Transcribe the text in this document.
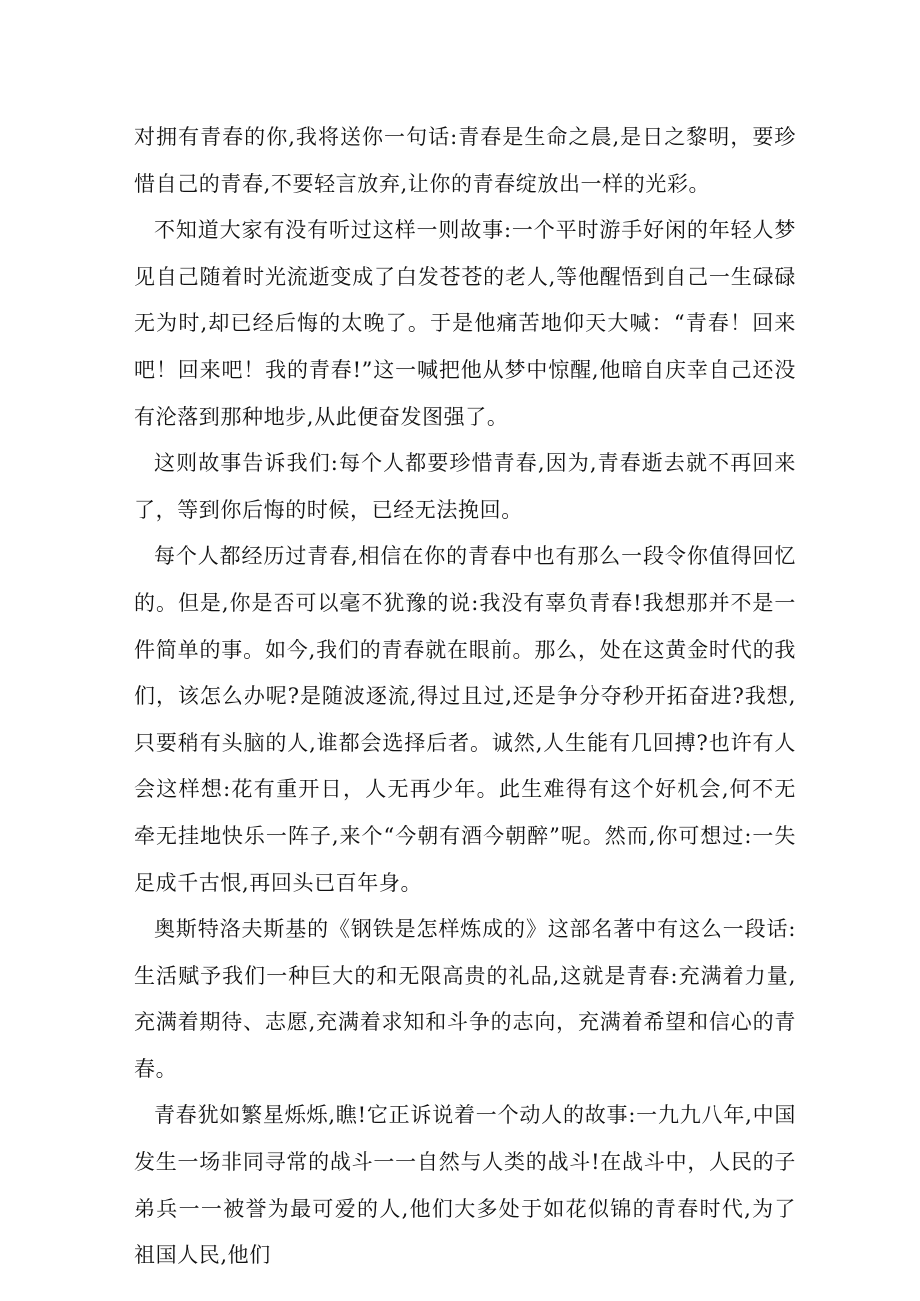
对拥有青春的你,我将送你一句话:青春是生命之晨,是日之黎明，要珍惜自己的青春,不要轻言放弃,让你的青春绽放出一样的光彩。

不知道大家有没有听过这样一则故事:一个平时游手好闲的年轻人梦见自己随着时光流逝变成了白发苍苍的老人,等他醒悟到自己一生碌碌无为时,却已经后悔的太晚了。于是他痛苦地仰天大喊：“青春！回来吧！回来吧！我的青春!”这一喊把他从梦中惊醒,他暗自庆幸自己还没有沦落到那种地步,从此便奋发图强了。

这则故事告诉我们:每个人都要珍惜青春,因为,青春逝去就不再回来了，等到你后悔的时候，已经无法挽回。

每个人都经历过青春,相信在你的青春中也有那么一段令你值得回忆的。但是,你是否可以毫不犹豫的说:我没有辜负青春!我想那并不是一件简单的事。如今,我们的青春就在眼前。那么，处在这黄金时代的我们，该怎么办呢?是随波逐流,得过且过,还是争分夺秒开拓奋进?我想,只要稍有头脑的人,谁都会选择后者。诚然,人生能有几回搏?也许有人会这样想:花有重开日，人无再少年。此生难得有这个好机会,何不无牵无挂地快乐一阵子,来个“今朝有酒今朝醉”呢。然而,你可想过:一失足成千古恨,再回头已百年身。

奥斯特洛夫斯基的《钢铁是怎样炼成的》这部名著中有这么一段话:生活赋予我们一种巨大的和无限高贵的礼品,这就是青春:充满着力量,充满着期待、志愿,充满着求知和斗争的志向，充满着希望和信心的青春。

青春犹如繁星烁烁,瞧!它正诉说着一个动人的故事:一九九八年,中国发生一场非同寻常的战斗一一自然与人类的战斗!在战斗中，人民的子弟兵一一被誉为最可爱的人,他们大多处于如花似锦的青春时代,为了祖国人民,他们
